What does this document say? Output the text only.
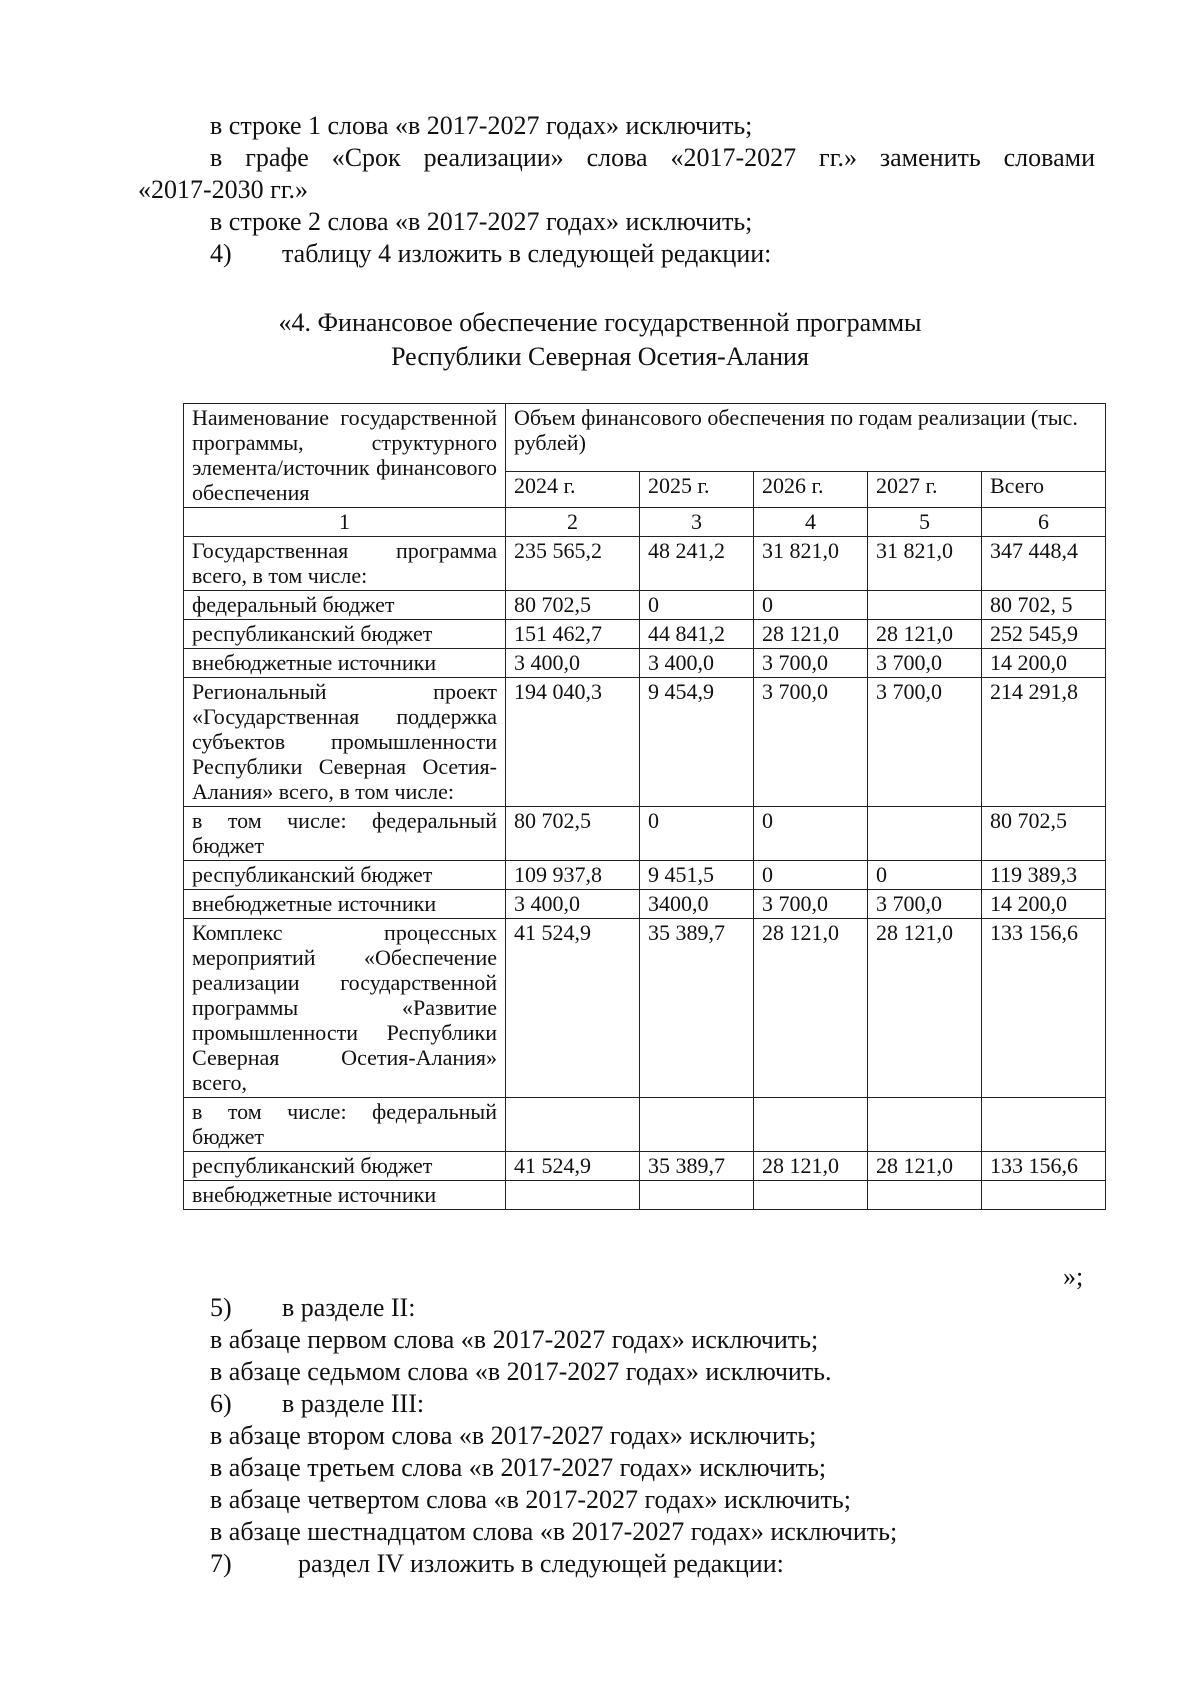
в строке 1 слова «в 2017-2027 годах» исключить;
в графе «Срок реализации» слова «2017-2027 гг.» заменить словами
«2017-2030 гг.»
в строке 2 слова «в 2017-2027 годах» исключить;
4) таблицу 4 изложить в следующей редакции:
«4. Финансовое обеспечение государственной программы
Республики Северная Осетия-Алания
Наименование государственной программы, структурного элемента/источник финансового обеспечения	Объем финансового обеспечения по годам реализации (тыс. рублей)				
	2024 г.	2025 г.	2026 г.	2027 г.	Всего
1	2	3	4	5	6
Государственная программа всего, в том числе:	235 565,2	48 241,2	31 821,0	31 821,0	347 448,4
федеральный бюджет	80 702,5	0	0		80 702, 5
республиканский бюджет	151 462,7	44 841,2	28 121,0	28 121,0	252 545,9
внебюджетные источники	3 400,0	3 400,0	3 700,0	3 700,0	14 200,0
Региональный проект «Государственная поддержка субъектов промышленности Республики Северная Осетия-Алания» всего, в том числе:	194 040,3	9 454,9	3 700,0	3 700,0	214 291,8
в том числе: федеральный бюджет	80 702,5	0	0		80 702,5
республиканский бюджет	109 937,8	9 451,5	0	0	119 389,3
внебюджетные источники	3 400,0	3400,0	3 700,0	3 700,0	14 200,0
Комплекс процессных мероприятий «Обеспечение реализации государственной программы «Развитие промышленности Республики Северная Осетия-Алания» всего,	41 524,9	35 389,7	28 121,0	28 121,0	133 156,6
в том числе: федеральный бюджет					
республиканский бюджет	41 524,9	35 389,7	28 121,0	28 121,0	133 156,6
внебюджетные источники					
»;
5) в разделе II:
в абзаце первом слова «в 2017-2027 годах» исключить;
в абзаце седьмом слова «в 2017-2027 годах» исключить.
6) в разделе III:
в абзаце втором слова «в 2017-2027 годах» исключить;
в абзаце третьем слова «в 2017-2027 годах» исключить;
в абзаце четвертом слова «в 2017-2027 годах» исключить;
в абзаце шестнадцатом слова «в 2017-2027 годах» исключить;
7)	раздел IV изложить в следующей редакции:
